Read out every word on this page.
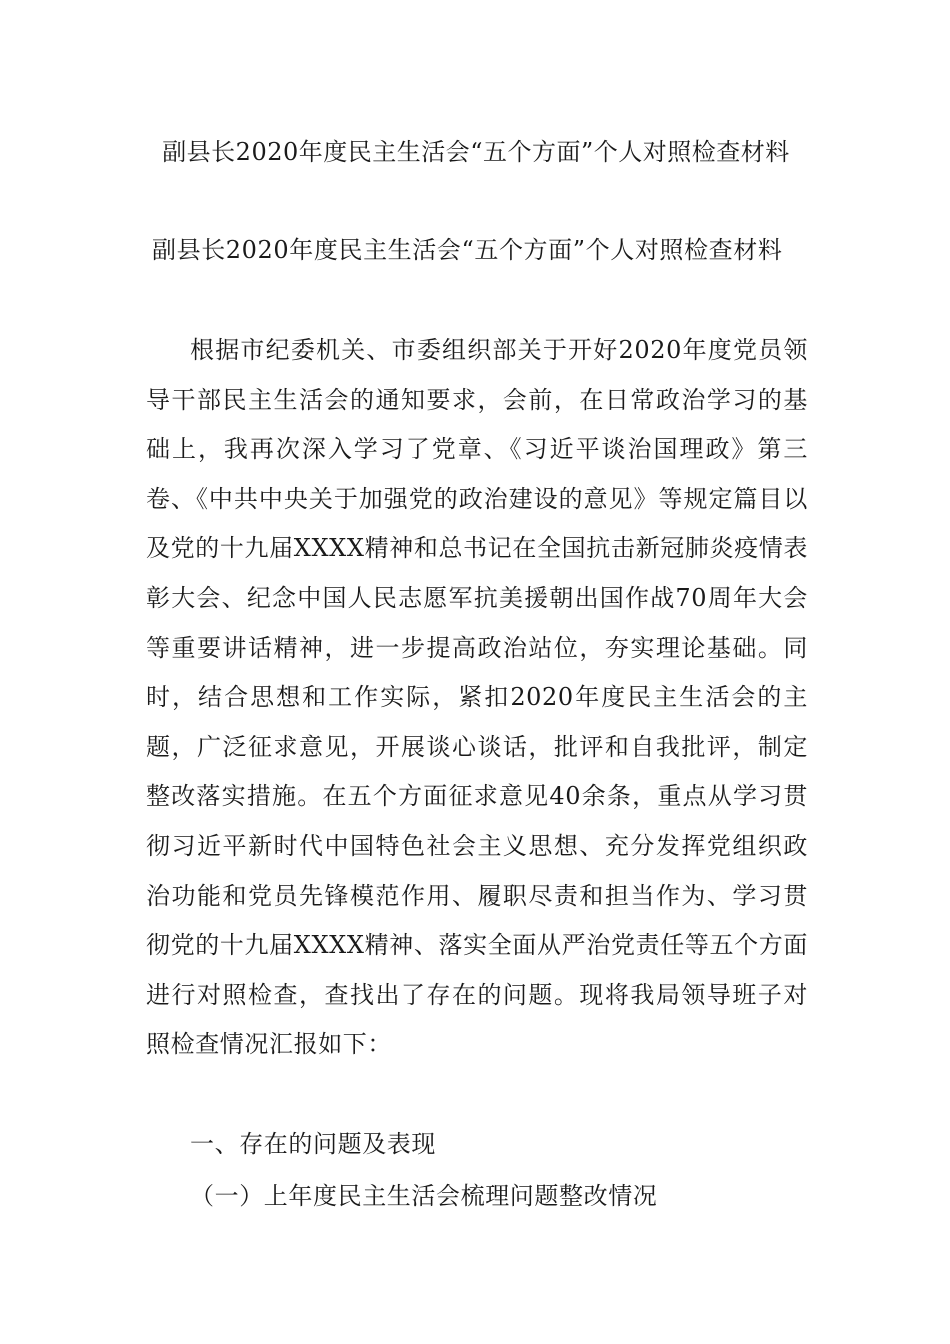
副县长2020年度民主生活会“五个方面”个人对照检查材料
副县长2020年度民主生活会“五个方面”个人对照检查材料
根据市纪委机关、市委组织部关于开好2020年度党员领导干部民主生活会的通知要求，会前，在日常政治学习的基础上，我再次深入学习了党章、《习近平谈治国理政》第三卷、《中共中央关于加强党的政治建设的意见》等规定篇目以及党的十九届XXXX精神和总书记在全国抗击新冠肺炎疫情表彰大会、纪念中国人民志愿军抗美援朝出国作战70周年大会等重要讲话精神，进一步提高政治站位，夯实理论基础。同时，结合思想和工作实际，紧扣2020年度民主生活会的主题，广泛征求意见，开展谈心谈话，批评和自我批评，制定整改落实措施。在五个方面征求意见40余条，重点从学习贯彻习近平新时代中国特色社会主义思想、充分发挥党组织政治功能和党员先锋模范作用、履职尽责和担当作为、学习贯彻党的十九届XXXX精神、落实全面从严治党责任等五个方面进行对照检查，查找出了存在的问题。现将我局领导班子对照检查情况汇报如下：
一、存在的问题及表现
（一）上年度民主生活会梳理问题整改情况
